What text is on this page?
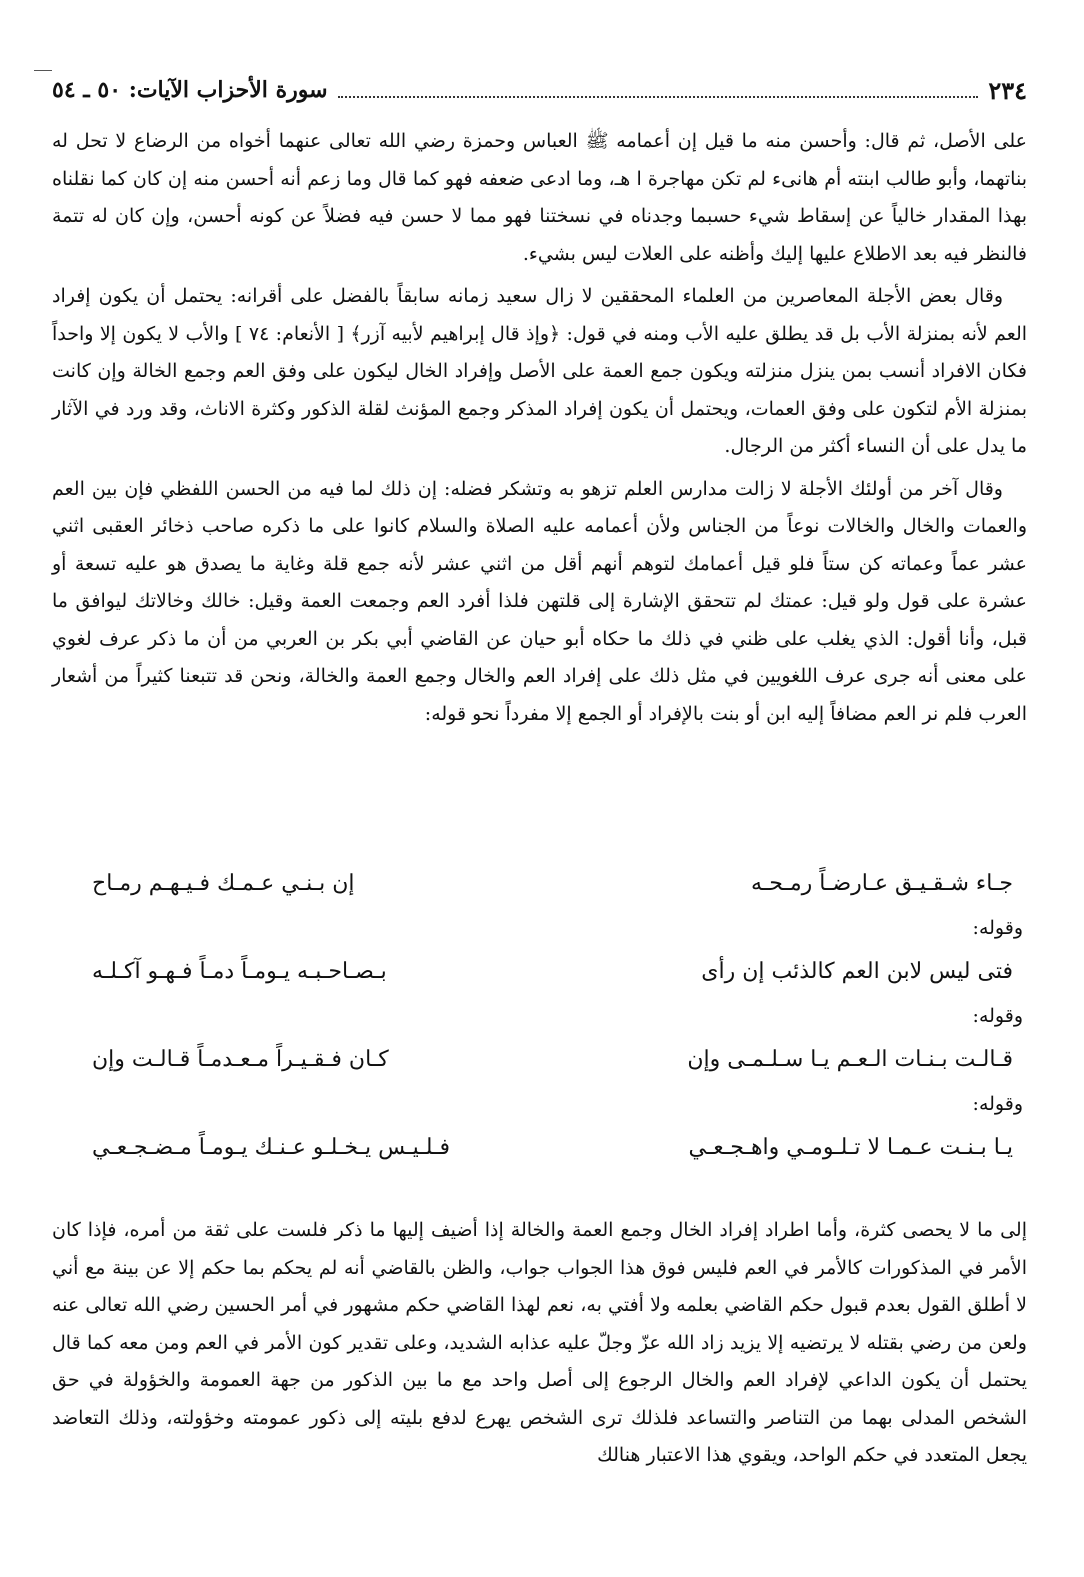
٢٣٤
سورة الأحزاب الآيات: ٥٠ ـ ٥٤

على الأصل، ثم قال: وأحسن منه ما قيل إن أعمامه ﷺ العباس وحمزة رضي الله تعالى عنهما أخواه من الرضاع لا تحل له بناتهما، وأبو طالب ابنته أم هانىء لم تكن مهاجرة ا هـ، وما ادعى ضعفه فهو كما قال وما زعم أنه أحسن منه إن كان كما نقلناه بهذا المقدار خالياً عن إسقاط شيء حسبما وجدناه في نسختنا فهو مما لا حسن فيه فضلاً عن كونه أحسن، وإن كان له تتمة فالنظر فيه بعد الاطلاع عليها إليك وأظنه على العلات ليس بشيء.

وقال بعض الأجلة المعاصرين من العلماء المحققين لا زال سعيد زمانه سابقاً بالفضل على أقرانه: يحتمل أن يكون إفراد العم لأنه بمنزلة الأب بل قد يطلق عليه الأب ومنه في قول: ﴿وإذ قال إبراهيم لأبيه آزر﴾ [ الأنعام: ٧٤ ] والأب لا يكون إلا واحداً فكان الافراد أنسب بمن ينزل منزلته ويكون جمع العمة على الأصل وإفراد الخال ليكون على وفق العم وجمع الخالة وإن كانت بمنزلة الأم لتكون على وفق العمات، ويحتمل أن يكون إفراد المذكر وجمع المؤنث لقلة الذكور وكثرة الاناث، وقد ورد في الآثار ما يدل على أن النساء أكثر من الرجال.

وقال آخر من أولئك الأجلة لا زالت مدارس العلم تزهو به وتشكر فضله: إن ذلك لما فيه من الحسن اللفظي فإن بين العم والعمات والخال والخالات نوعاً من الجناس ولأن أعمامه عليه الصلاة والسلام كانوا على ما ذكره صاحب ذخائر العقبى اثني عشر عماً وعماته كن ستاً فلو قيل أعمامك لتوهم أنهم أقل من اثني عشر لأنه جمع قلة وغاية ما يصدق هو عليه تسعة أو عشرة على قول ولو قيل: عمتك لم تتحقق الإشارة إلى قلتهن فلذا أفرد العم وجمعت العمة وقيل: خالك وخالاتك ليوافق ما قبل، وأنا أقول: الذي يغلب على ظني في ذلك ما حكاه أبو حيان عن القاضي أبي بكر بن العربي من أن ما ذكر عرف لغوي على معنى أنه جرى عرف اللغويين في مثل ذلك على إفراد العم والخال وجمع العمة والخالة، ونحن قد تتبعنا كثيراً من أشعار العرب فلم نر العم مضافاً إليه ابن أو بنت بالإفراد أو الجمع إلا مفرداً نحو قوله:

جـاء شـقـيـق عـارضـاً رمـحـه
إن بـنـي عـمـك فـيـهـم رمـاح
وقوله:
فتى ليس لابن العم كالذئب إن رأى
بـصـاحـبـه يـومـاً دمـاً فـهـو آكـلـه
وقوله:
قـالـت بـنـات الـعـم يـا سـلـمـى وإن
كـان فـقـيـراً مـعـدمـاً قـالـت وإن
وقوله:
يـا بـنـت عـمـا لا تـلـومـي واهـجـعـي
فـلـيـس يـخـلـو عـنـك يـومـاً مـضـجـعـي

إلى ما لا يحصى كثرة، وأما اطراد إفراد الخال وجمع العمة والخالة إذا أضيف إليها ما ذكر فلست على ثقة من أمره، فإذا كان الأمر في المذكورات كالأمر في العم فليس فوق هذا الجواب جواب، والظن بالقاضي أنه لم يحكم بما حكم إلا عن بينة مع أني لا أطلق القول بعدم قبول حكم القاضي بعلمه ولا أفتي به، نعم لهذا القاضي حكم مشهور في أمر الحسين رضي الله تعالى عنه ولعن من رضي بقتله لا يرتضيه إلا يزيد زاد الله عزّ وجلّ عليه عذابه الشديد، وعلى تقدير كون الأمر في العم ومن معه كما قال يحتمل أن يكون الداعي لإفراد العم والخال الرجوع إلى أصل واحد مع ما بين الذكور من جهة العمومة والخؤولة في حق الشخص المدلى بهما من التناصر والتساعد فلذلك ترى الشخص يهرع لدفع بليته إلى ذكور عمومته وخؤولته، وذلك التعاضد يجعل المتعدد في حكم الواحد، ويقوي هذا الاعتبار هنالك
